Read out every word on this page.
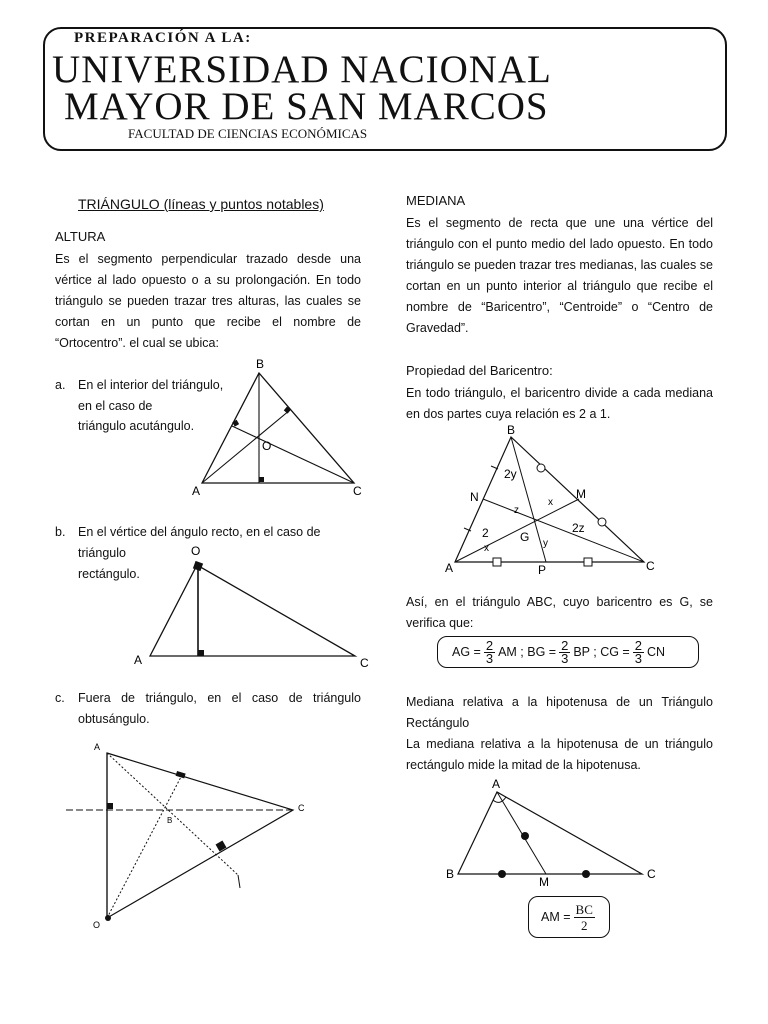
PREPARACIÓN A LA:
UNIVERSIDAD NACIONAL
MAYOR DE SAN MARCOS
FACULTAD DE CIENCIAS ECONÓMICAS
TRIÁNGULO (líneas y puntos notables)
ALTURA
Es el segmento perpendicular trazado desde una vértice al lado opuesto o a su prolongación. En todo triángulo se pueden trazar tres alturas, las cuales se cortan en un punto que recibe el nombre de “Ortocentro”. el cual se ubica:
a. En el interior del triángulo,
en el caso de
triángulo acutángulo.
B
A	C
O
b. En el vértice del ángulo recto, en el caso de
triángulo
rectángulo.
O
A	C
c. Fuera de triángulo, en el caso de triángulo obtusángulo.
A
B
C
O
MEDIANA
Es el segmento de recta que une una vértice del triángulo con el punto medio del lado opuesto. En todo triángulo se pueden trazar tres medianas, las cuales se cortan en un punto interior al triángulo que recibe el nombre de “Baricentro”, “Centroide” o “Centro de Gravedad”.
Propiedad del Baricentro:
En todo triángulo, el baricentro divide a cada mediana en dos partes cuya relación es 2 a 1.
B
A	C
N	M
P
G
2y
x
z
2z
2
x	y
Así, en el triángulo ABC, cuyo baricentro es G, se verifica que:
AG = $\frac{2}{3}$ AM ; BG = $\frac{2}{3}$ BP ; CG = $\frac{2}{3}$ CN
Mediana relativa a la hipotenusa de un Triángulo Rectángulo
La mediana relativa a la hipotenusa de un triángulo rectángulo mide la mitad de la hipotenusa.
A
B	C
M
AM = $\frac{BC}{2}$
